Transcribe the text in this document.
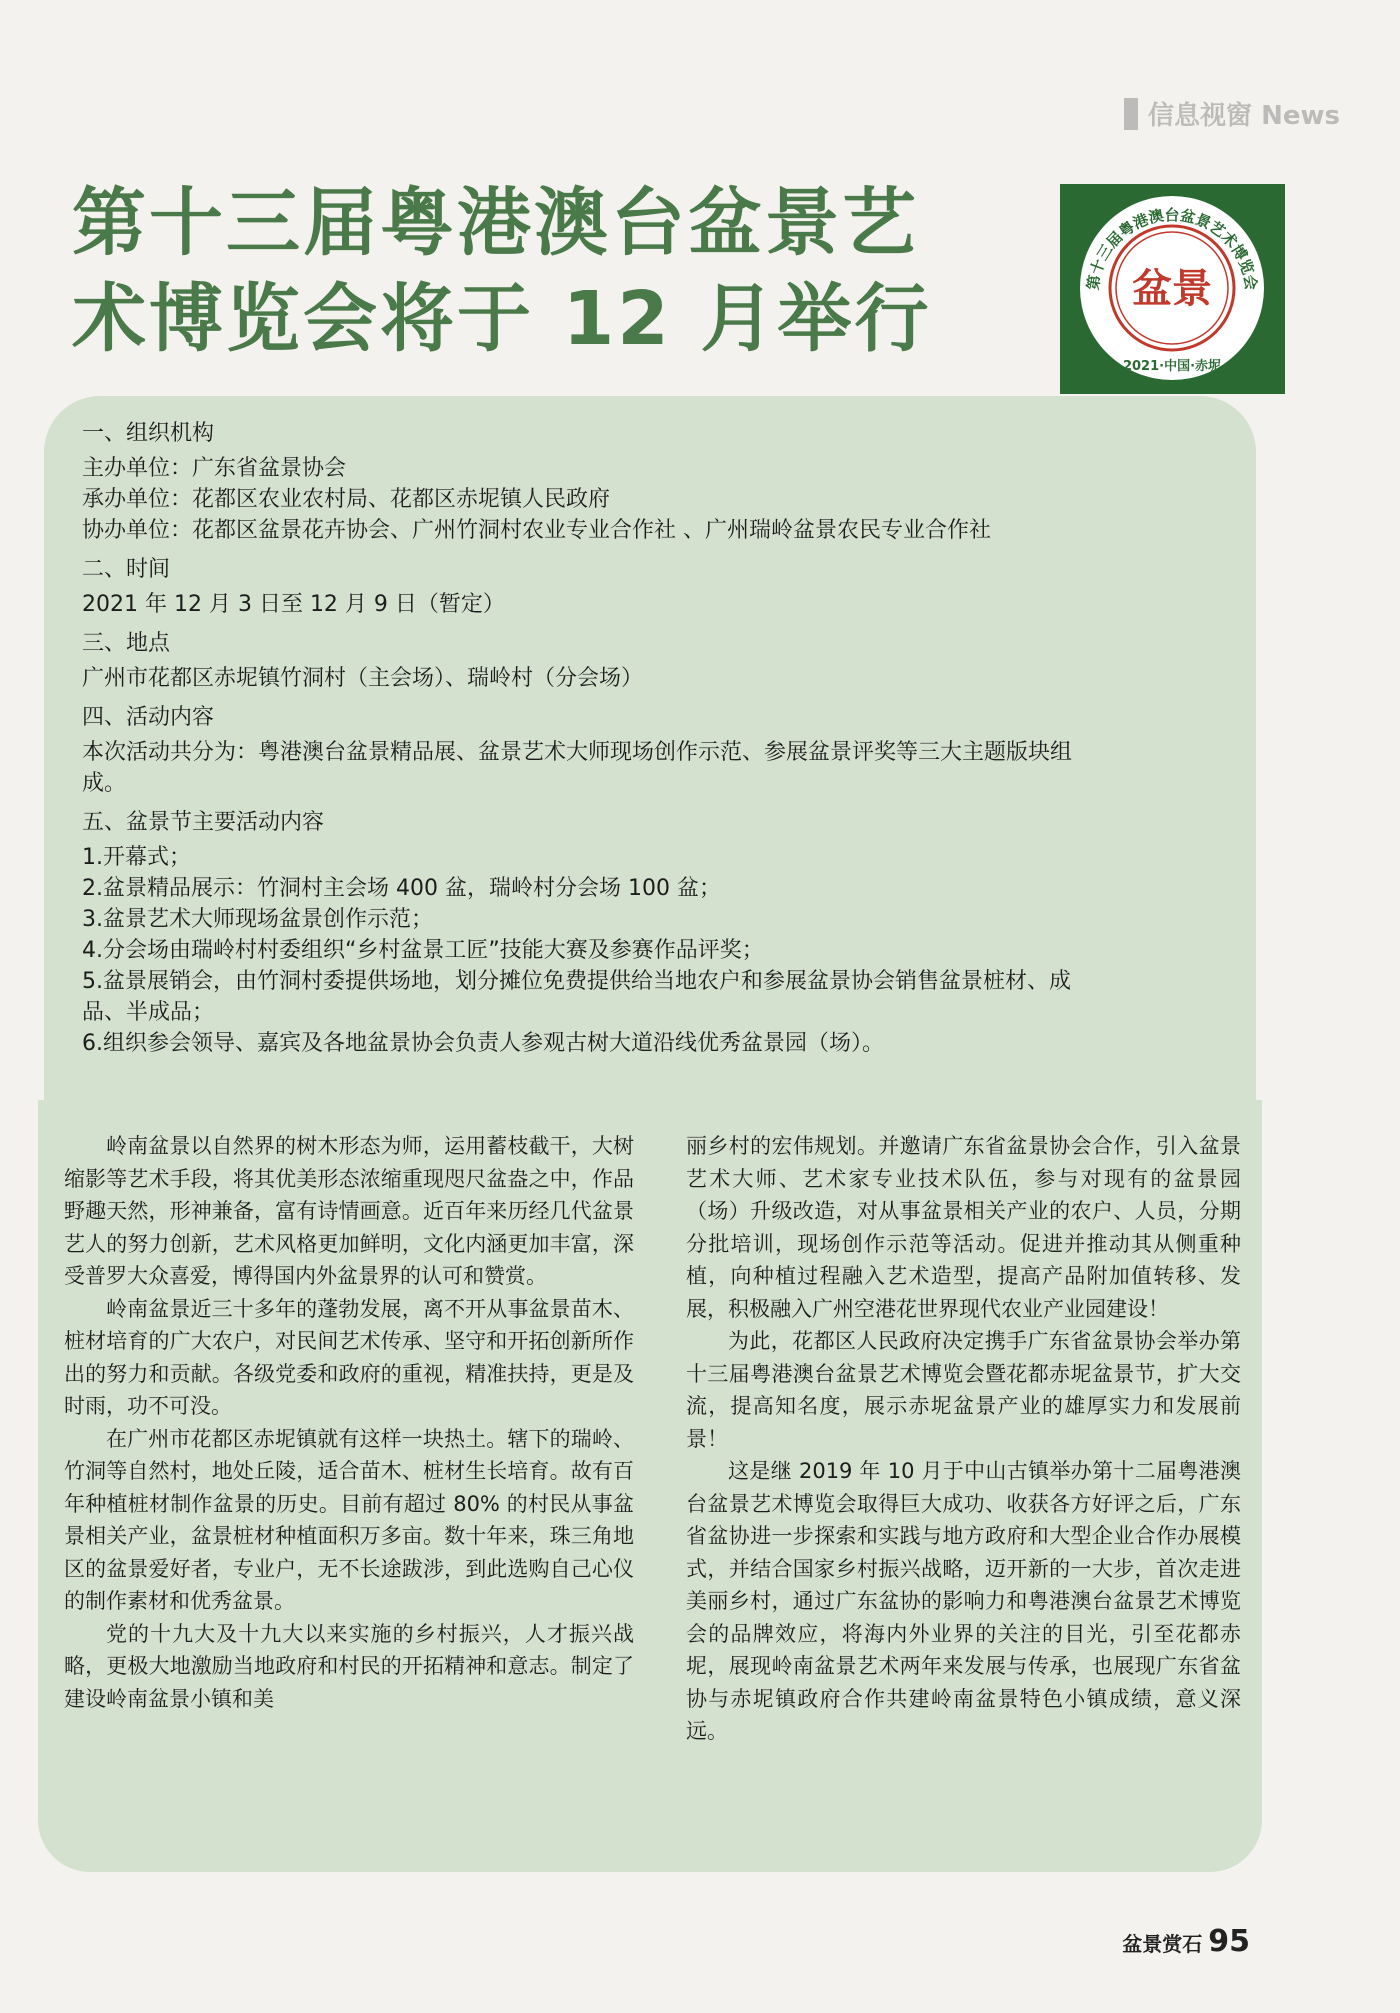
信息视窗 News
第十三届粤港澳台盆景艺
术博览会将于 12 月举行	第十三届粤港澳台盆景艺术博览会
2021·中国·赤坭
盆 景

一、组织机构

主办单位：广东省盆景协会

承办单位：花都区农业农村局、花都区赤坭镇人民政府

协办单位：花都区盆景花卉协会、广州竹洞村农业专业合作社 、广州瑞岭盆景农民专业合作社

二、时间

2021 年 12 月 3 日至 12 月 9 日（暂定）

三、地点

广州市花都区赤坭镇竹洞村（主会场）、瑞岭村（分会场）

四、活动内容

本次活动共分为：粤港澳台盆景精品展、盆景艺术大师现场创作示范、参展盆景评奖等三大主题版块组

成。

五、盆景节主要活动内容

1.开幕式；

2.盆景精品展示：竹洞村主会场 400 盆，瑞岭村分会场 100 盆；

3.盆景艺术大师现场盆景创作示范；

4.分会场由瑞岭村村委组织“乡村盆景工匠”技能大赛及参赛作品评奖；

5.盆景展销会，由竹洞村委提供场地，划分摊位免费提供给当地农户和参展盆景协会销售盆景桩材、成

品、半成品；

6.组织参会领导、嘉宾及各地盆景协会负责人参观古树大道沿线优秀盆景园（场）。

岭南盆景以自然界的树木形态为师，运用蓄枝截干，大树缩影等艺术手段，将其优美形态浓缩重现咫尺盆盎之中，作品野趣天然，形神兼备，富有诗情画意。近百年来历经几代盆景艺人的努力创新，艺术风格更加鲜明，文化内涵更加丰富，深受普罗大众喜爱，博得国内外盆景界的认可和赞赏。

岭南盆景近三十多年的蓬勃发展，离不开从事盆景苗木、桩材培育的广大农户，对民间艺术传承、坚守和开拓创新所作出的努力和贡献。各级党委和政府的重视，精准扶持，更是及时雨，功不可没。

在广州市花都区赤坭镇就有这样一块热土。辖下的瑞岭、竹洞等自然村，地处丘陵，适合苗木、桩材生长培育。故有百年种植桩材制作盆景的历史。目前有超过 80% 的村民从事盆景相关产业，盆景桩材种植面积万多亩。数十年来，珠三角地区的盆景爱好者，专业户，无不长途跋涉，到此选购自己心仪的制作素材和优秀盆景。

党的十九大及十九大以来实施的乡村振兴，人才振兴战略，更极大地激励当地政府和村民的开拓精神和意志。制定了建设岭南盆景小镇和美

丽乡村的宏伟规划。并邀请广东省盆景协会合作，引入盆景艺术大师、艺术家专业技术队伍，参与对现有的盆景园（场）升级改造，对从事盆景相关产业的农户、人员，分期分批培训，现场创作示范等活动。促进并推动其从侧重种植，向种植过程融入艺术造型，提高产品附加值转移、发展，积极融入广州空港花世界现代农业产业园建设！

为此，花都区人民政府决定携手广东省盆景协会举办第十三届粤港澳台盆景艺术博览会暨花都赤坭盆景节，扩大交流，提高知名度，展示赤坭盆景产业的雄厚实力和发展前景！

这是继 2019 年 10 月于中山古镇举办第十二届粤港澳台盆景艺术博览会取得巨大成功、收获各方好评之后，广东省盆协进一步探索和实践与地方政府和大型企业合作办展模式，并结合国家乡村振兴战略，迈开新的一大步，首次走进美丽乡村，通过广东盆协的影响力和粤港澳台盆景艺术博览会的品牌效应，将海内外业界的关注的目光，引至花都赤坭，展现岭南盆景艺术两年来发展与传承，也展现广东省盆协与赤坭镇政府合作共建岭南盆景特色小镇成绩，意义深远。

盆景赏石 95
